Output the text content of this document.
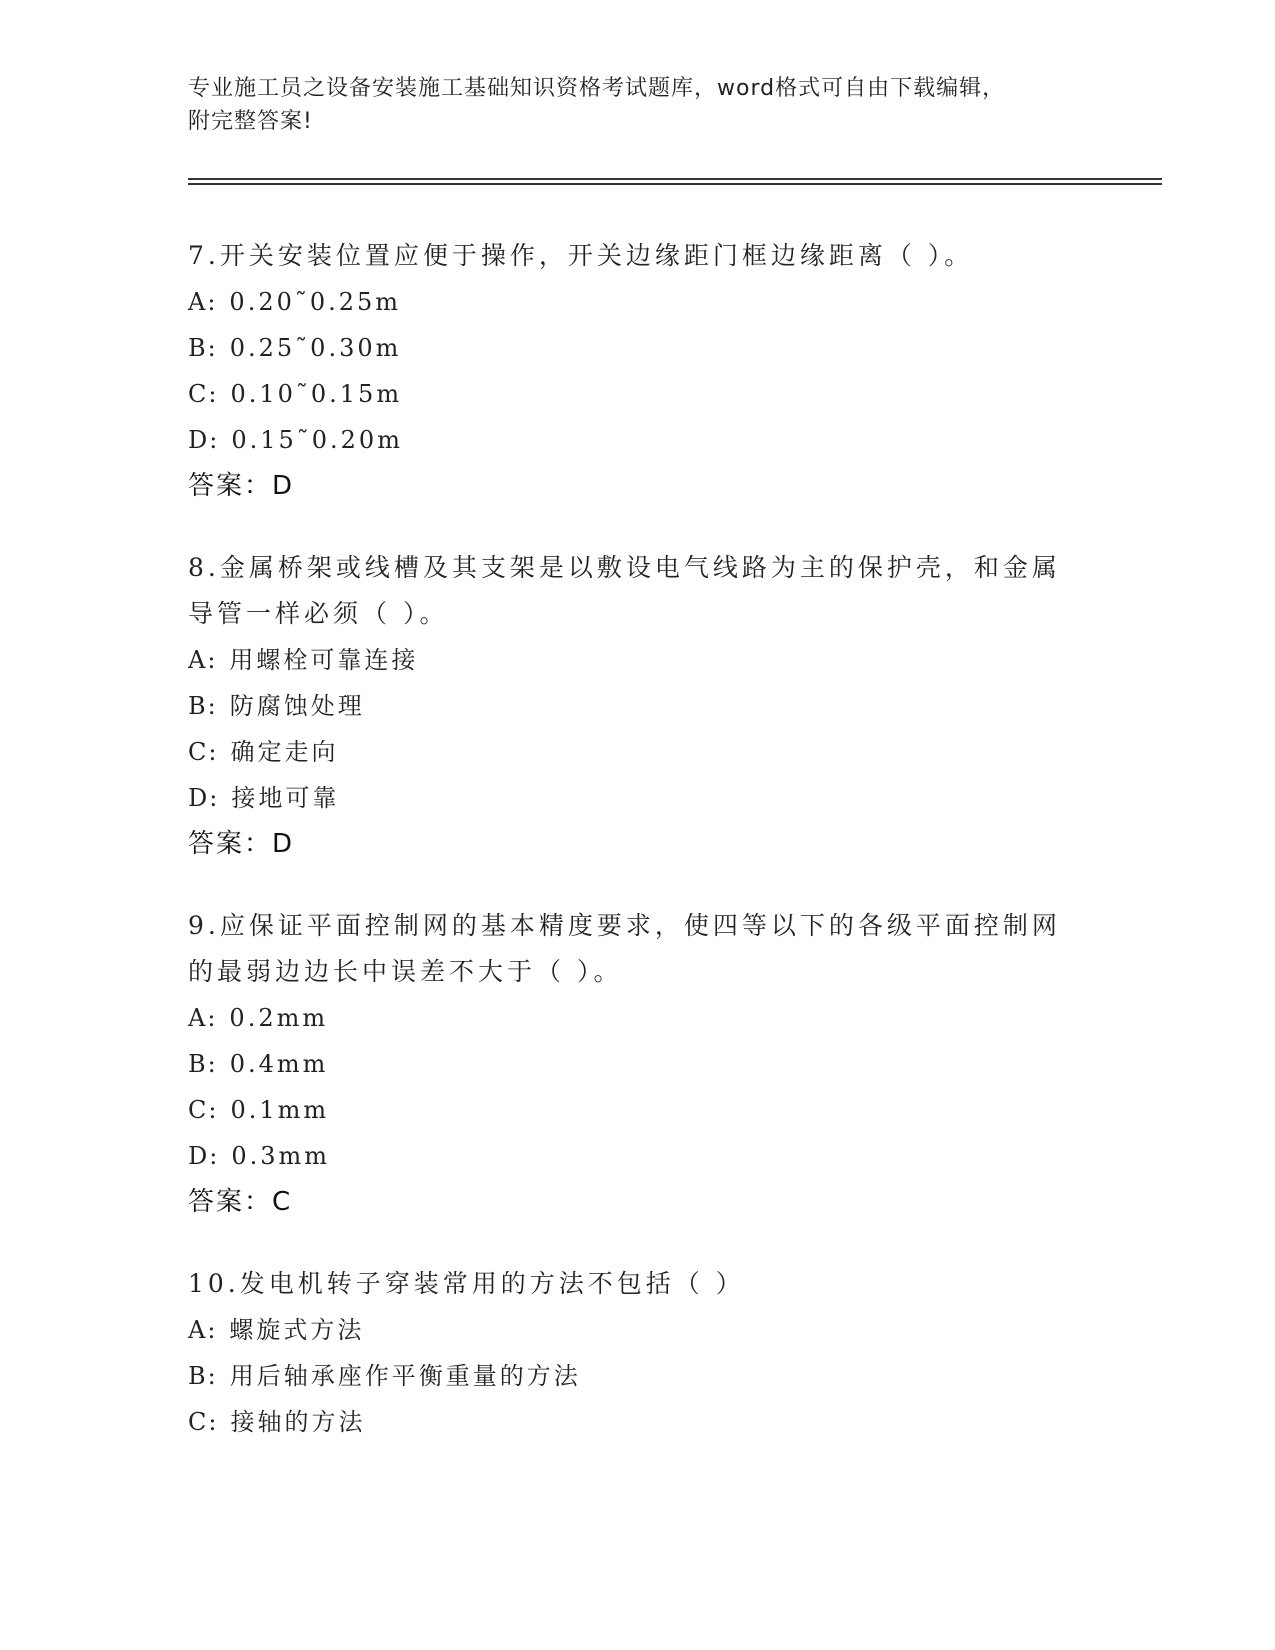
专业施工员之设备安装施工基础知识资格考试题库，word格式可自由下载编辑，
附完整答案!

7.开关安装位置应便于操作，开关边缘距门框边缘距离（ ）。

A: 0.20˜0.25m
B: 0.25˜0.30m
C: 0.10˜0.15m
D: 0.15˜0.20m
答案：D

8.金属桥架或线槽及其支架是以敷设电气线路为主的保护壳，和金属导管一样必须（ ）。

A: 用螺栓可靠连接
B: 防腐蚀处理
C: 确定走向
D: 接地可靠
答案：D

9.应保证平面控制网的基本精度要求，使四等以下的各级平面控制网的最弱边边长中误差不大于（ ）。

A: 0.2mm
B: 0.4mm
C: 0.1mm
D: 0.3mm
答案：C

10.发电机转子穿装常用的方法不包括（ ）

A: 螺旋式方法
B: 用后轴承座作平衡重量的方法
C: 接轴的方法
